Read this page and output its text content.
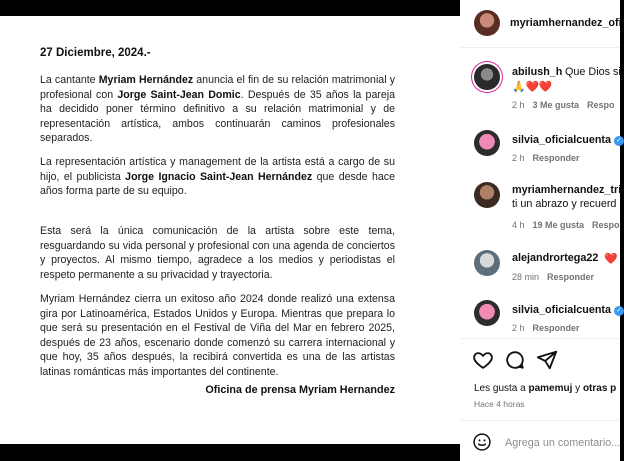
27 Diciembre, 2024.-

La cantante Myriam Hernández anuncia el fin de su relación matrimonial y profesional con Jorge Saint-Jean Domic. Después de 35 años la pareja ha decidido poner término definitivo a su relación matrimonial y de representación artística, ambos continuarán caminos profesionales separados.

La representación artística y management de la artista está a cargo de su hijo, el publicista Jorge Ignacio Saint-Jean Hernández que desde hace años forma parte de su equipo.

Esta será la única comunicación de la artista sobre este tema, resguardando su vida personal y profesional con una agenda de conciertos y proyectos. Al mismo tiempo, agradece a los medios y periodistas el respeto permanente a su privacidad y trayectoria.

Myriam Hernández cierra un exitoso año 2024 donde realizó una extensa gira por Latinoamérica, Estados Unidos y Europa. Mientras que prepara lo que será su presentación en el Festival de Viña del Mar en febrero 2025, después de 23 años, escenario donde comenzó su carrera internacional y que hoy, 35 años después, la recibirá convertida es una de las artistas latinas románticas más importantes del continente.

Oficina de prensa Myriam Hernandez
myriamhernandez_ofi
abilush_h Que Dios si
🙏❤️❤️
2 h 3 Me gusta Respo
silvia_oficialcuenta ✓
2 h Responder
myriamhernandez_tri
ti un abrazo y recuerd
4 h 19 Me gusta Respo
alejandrortega22 ❤️
28 min Responder
silvia_oficialcuenta ✓
2 h Responder
Les gusta a pamemuj y otras p
Hace 4 horas
Agrega un comentario...
